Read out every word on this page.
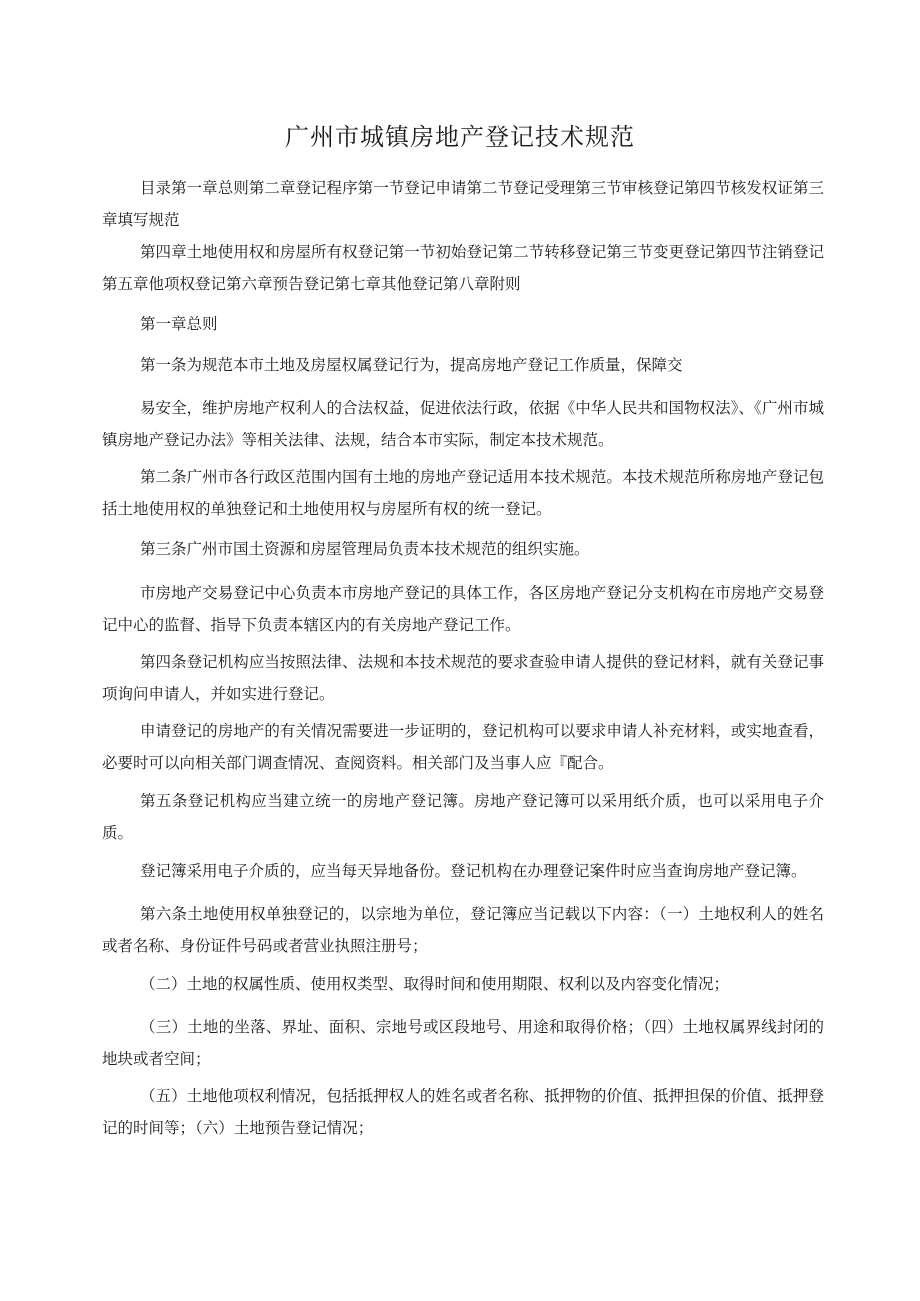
广州市城镇房地产登记技术规范

目录第一章总则第二章登记程序第一节登记申请第二节登记受理第三节审核登记第四节核发权证第三章填写规范

第四章土地使用权和房屋所有权登记第一节初始登记第二节转移登记第三节变更登记第四节注销登记第五章他项权登记第六章预告登记第七章其他登记第八章附则

第一章总则

第一条为规范本市土地及房屋权属登记行为，提高房地产登记工作质量，保障交

易安全，维护房地产权利人的合法权益，促进依法行政，依据《中华人民共和国物权法》、《广州市城镇房地产登记办法》等相关法律、法规，结合本市实际，制定本技术规范。

第二条广州市各行政区范围内国有土地的房地产登记适用本技术规范。本技术规范所称房地产登记包括土地使用权的单独登记和土地使用权与房屋所有权的统一登记。

第三条广州市国土资源和房屋管理局负责本技术规范的组织实施。

市房地产交易登记中心负责本市房地产登记的具体工作，各区房地产登记分支机构在市房地产交易登记中心的监督、指导下负责本辖区内的有关房地产登记工作。

第四条登记机构应当按照法律、法规和本技术规范的要求查验申请人提供的登记材料，就有关登记事项询问申请人，并如实进行登记。

申请登记的房地产的有关情况需要进一步证明的，登记机构可以要求申请人补充材料，或实地查看，必要时可以向相关部门调查情况、查阅资料。相关部门及当事人应『配合。

第五条登记机构应当建立统一的房地产登记簿。房地产登记簿可以采用纸介质，也可以采用电子介质。

登记簿采用电子介质的，应当每天异地备份。登记机构在办理登记案件时应当查询房地产登记簿。

第六条土地使用权单独登记的，以宗地为单位，登记簿应当记载以下内容：（一）土地权利人的姓名或者名称、身份证件号码或者营业执照注册号；

（二）土地的权属性质、使用权类型、取得时间和使用期限、权利以及内容变化情况；

（三）土地的坐落、界址、面积、宗地号或区段地号、用途和取得价格；（四）土地权属界线封闭的地块或者空间；

（五）土地他项权利情况，包括抵押权人的姓名或者名称、抵押物的价值、抵押担保的价值、抵押登记的时间等；（六）土地预告登记情况；
